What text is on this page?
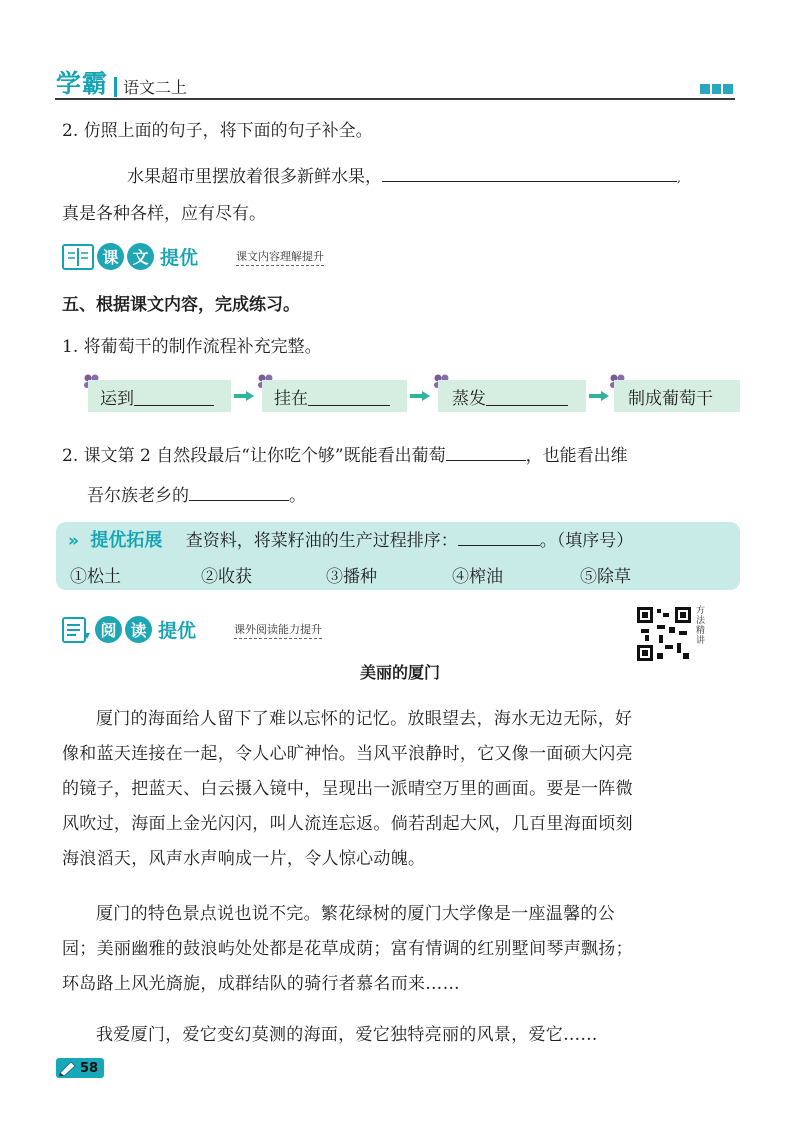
学霸 语文二上
2. 仿照上面的句子，将下面的句子补全。
水果超市里摆放着很多新鲜水果，	,
真是各种各样，应有尽有。
课 文 提优	课文内容理解提升
五、根据课文内容，完成练习。
1. 将葡萄干的制作流程补充完整。
运到	挂在	蒸发	制成葡萄干
2. 课文第 2 自然段最后“让你吃个够”既能看出葡萄	，也能看出维
吾尔族老乡的	。
» 提优拓展 查资料，将菜籽油的生产过程排序：	。（填序号）
①松土	②收获	③播种	④榨油	⑤除草
阅 读 提优	课外阅读能力提升
方法精讲
美丽的厦门
厦门的海面给人留下了难以忘怀的记忆。放眼望去，海水无边无际，好
像和蓝天连接在一起，令人心旷神怡。当风平浪静时，它又像一面硕大闪亮
的镜子，把蓝天、白云摄入镜中，呈现出一派晴空万里的画面。要是一阵微
风吹过，海面上金光闪闪，叫人流连忘返。倘若刮起大风，几百里海面顷刻
海浪滔天，风声水声响成一片，令人惊心动魄。
厦门的特色景点说也说不完。繁花绿树的厦门大学像是一座温馨的公
园；美丽幽雅的鼓浪屿处处都是花草成荫；富有情调的红别墅间琴声飘扬；
环岛路上风光旖旎，成群结队的骑行者慕名而来……
我爱厦门，爱它变幻莫测的海面，爱它独特亮丽的风景，爱它……
58
